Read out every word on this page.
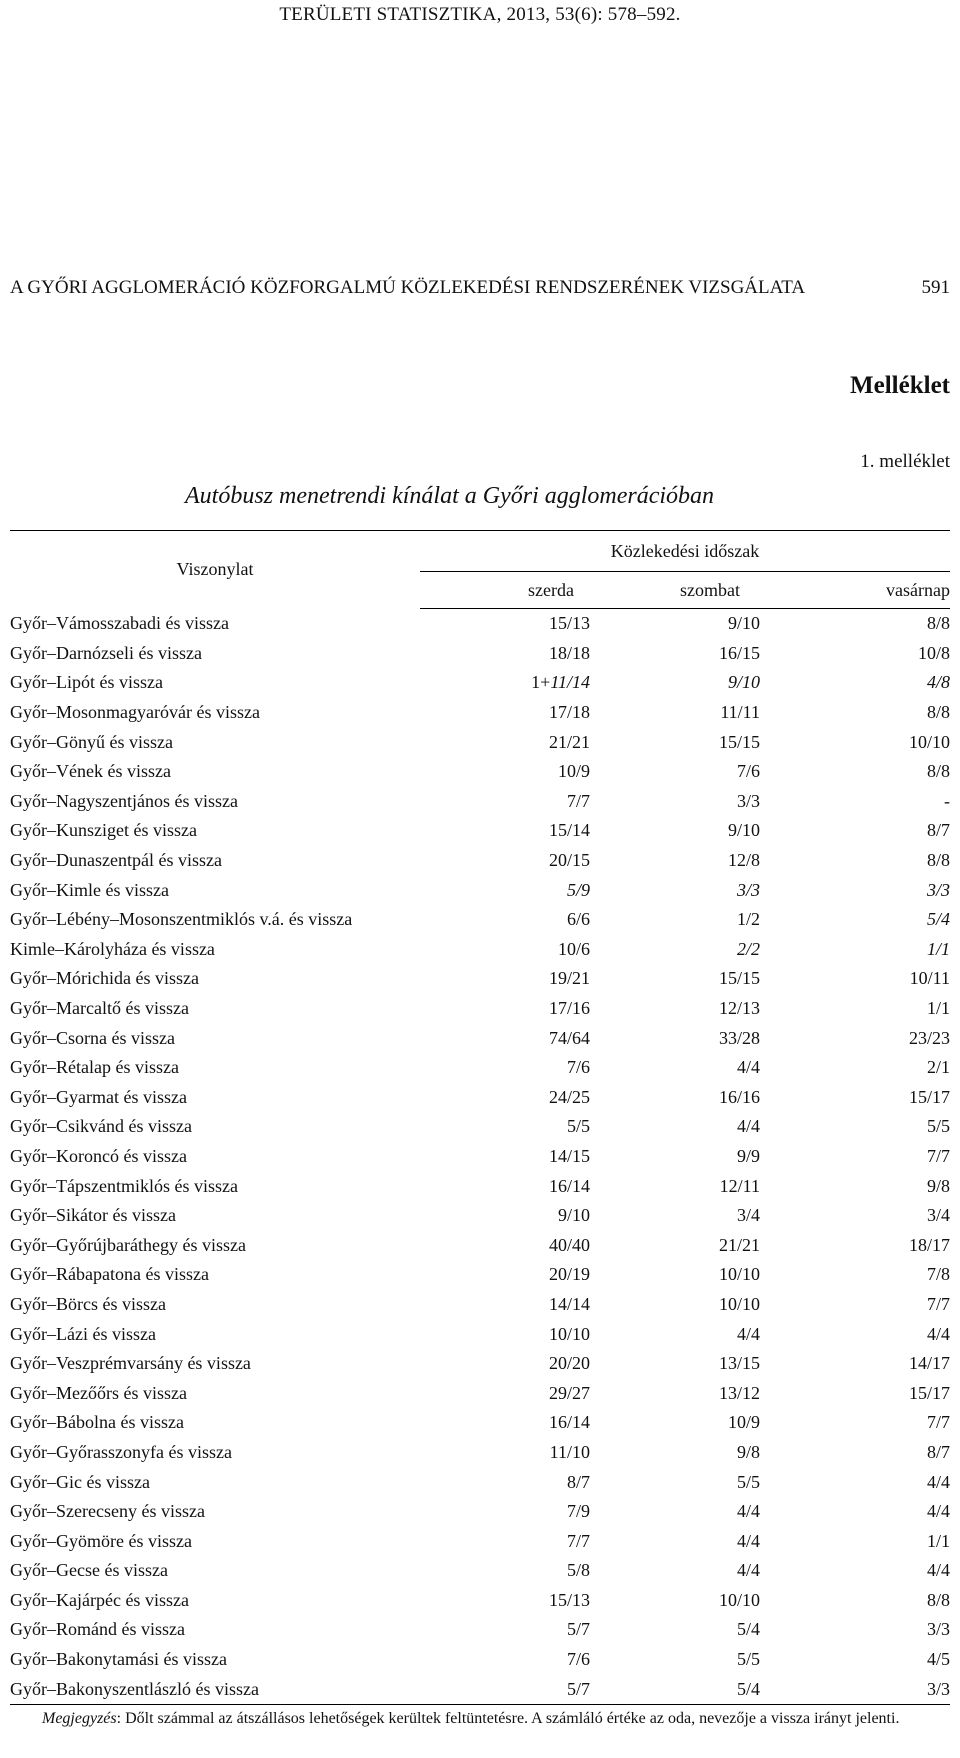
TERÜLETI STATISZTIKA, 2013, 53(6): 578–592.
A GYŐRI AGGLOMERÁCIÓ KÖZFORGALMÚ KÖZLEKEDÉSI RENDSZERÉNEK VIZSGÁLATA	591
Melléklet
1. melléklet
Autóbusz menetrendi kínálat a Győri agglomerációban
Viszonylat	Közlekedési időszak		
	szerda	szombat	vasárnap
Győr–Vámosszabadi és vissza	15/13	9/10	8/8
Győr–Darnózseli és vissza	18/18	16/15	10/8
Győr–Lipót és vissza	1+11/14	9/10	4/8
Győr–Mosonmagyaróvár és vissza	17/18	11/11	8/8
Győr–Gönyű és vissza	21/21	15/15	10/10
Győr–Vének és vissza	10/9	7/6	8/8
Győr–Nagyszentjános és vissza	7/7	3/3	-
Győr–Kunsziget és vissza	15/14	9/10	8/7
Győr–Dunaszentpál és vissza	20/15	12/8	8/8
Győr–Kimle és vissza	5/9	3/3	3/3
Győr–Lébény–Mosonszentmiklós v.á. és vissza	6/6	1/2	5/4
Kimle–Károlyháza és vissza	10/6	2/2	1/1
Győr–Mórichida és vissza	19/21	15/15	10/11
Győr–Marcaltő és vissza	17/16	12/13	1/1
Győr–Csorna és vissza	74/64	33/28	23/23
Győr–Rétalap és vissza	7/6	4/4	2/1
Győr–Gyarmat és vissza	24/25	16/16	15/17
Győr–Csikvánd és vissza	5/5	4/4	5/5
Győr–Koroncó és vissza	14/15	9/9	7/7
Győr–Tápszentmiklós és vissza	16/14	12/11	9/8
Győr–Sikátor és vissza	9/10	3/4	3/4
Győr–Győrújbaráthegy és vissza	40/40	21/21	18/17
Győr–Rábapatona és vissza	20/19	10/10	7/8
Győr–Börcs és vissza	14/14	10/10	7/7
Győr–Lázi és vissza	10/10	4/4	4/4
Győr–Veszprémvarsány és vissza	20/20	13/15	14/17
Győr–Mezőőrs és vissza	29/27	13/12	15/17
Győr–Bábolna és vissza	16/14	10/9	7/7
Győr–Győrasszonyfa és vissza	11/10	9/8	8/7
Győr–Gic és vissza	8/7	5/5	4/4
Győr–Szerecseny és vissza	7/9	4/4	4/4
Győr–Gyömöre és vissza	7/7	4/4	1/1
Győr–Gecse és vissza	5/8	4/4	4/4
Győr–Kajárpéc és vissza	15/13	10/10	8/8
Győr–Románd és vissza	5/7	5/4	3/3
Győr–Bakonytamási és vissza	7/6	5/5	4/5
Győr–Bakonyszentlászló és vissza	5/7	5/4	3/3
Megjegyzés: Dőlt számmal az átszállásos lehetőségek kerültek feltüntetésre. A számláló értéke az oda, nevezője a vissza irányt jelenti.
